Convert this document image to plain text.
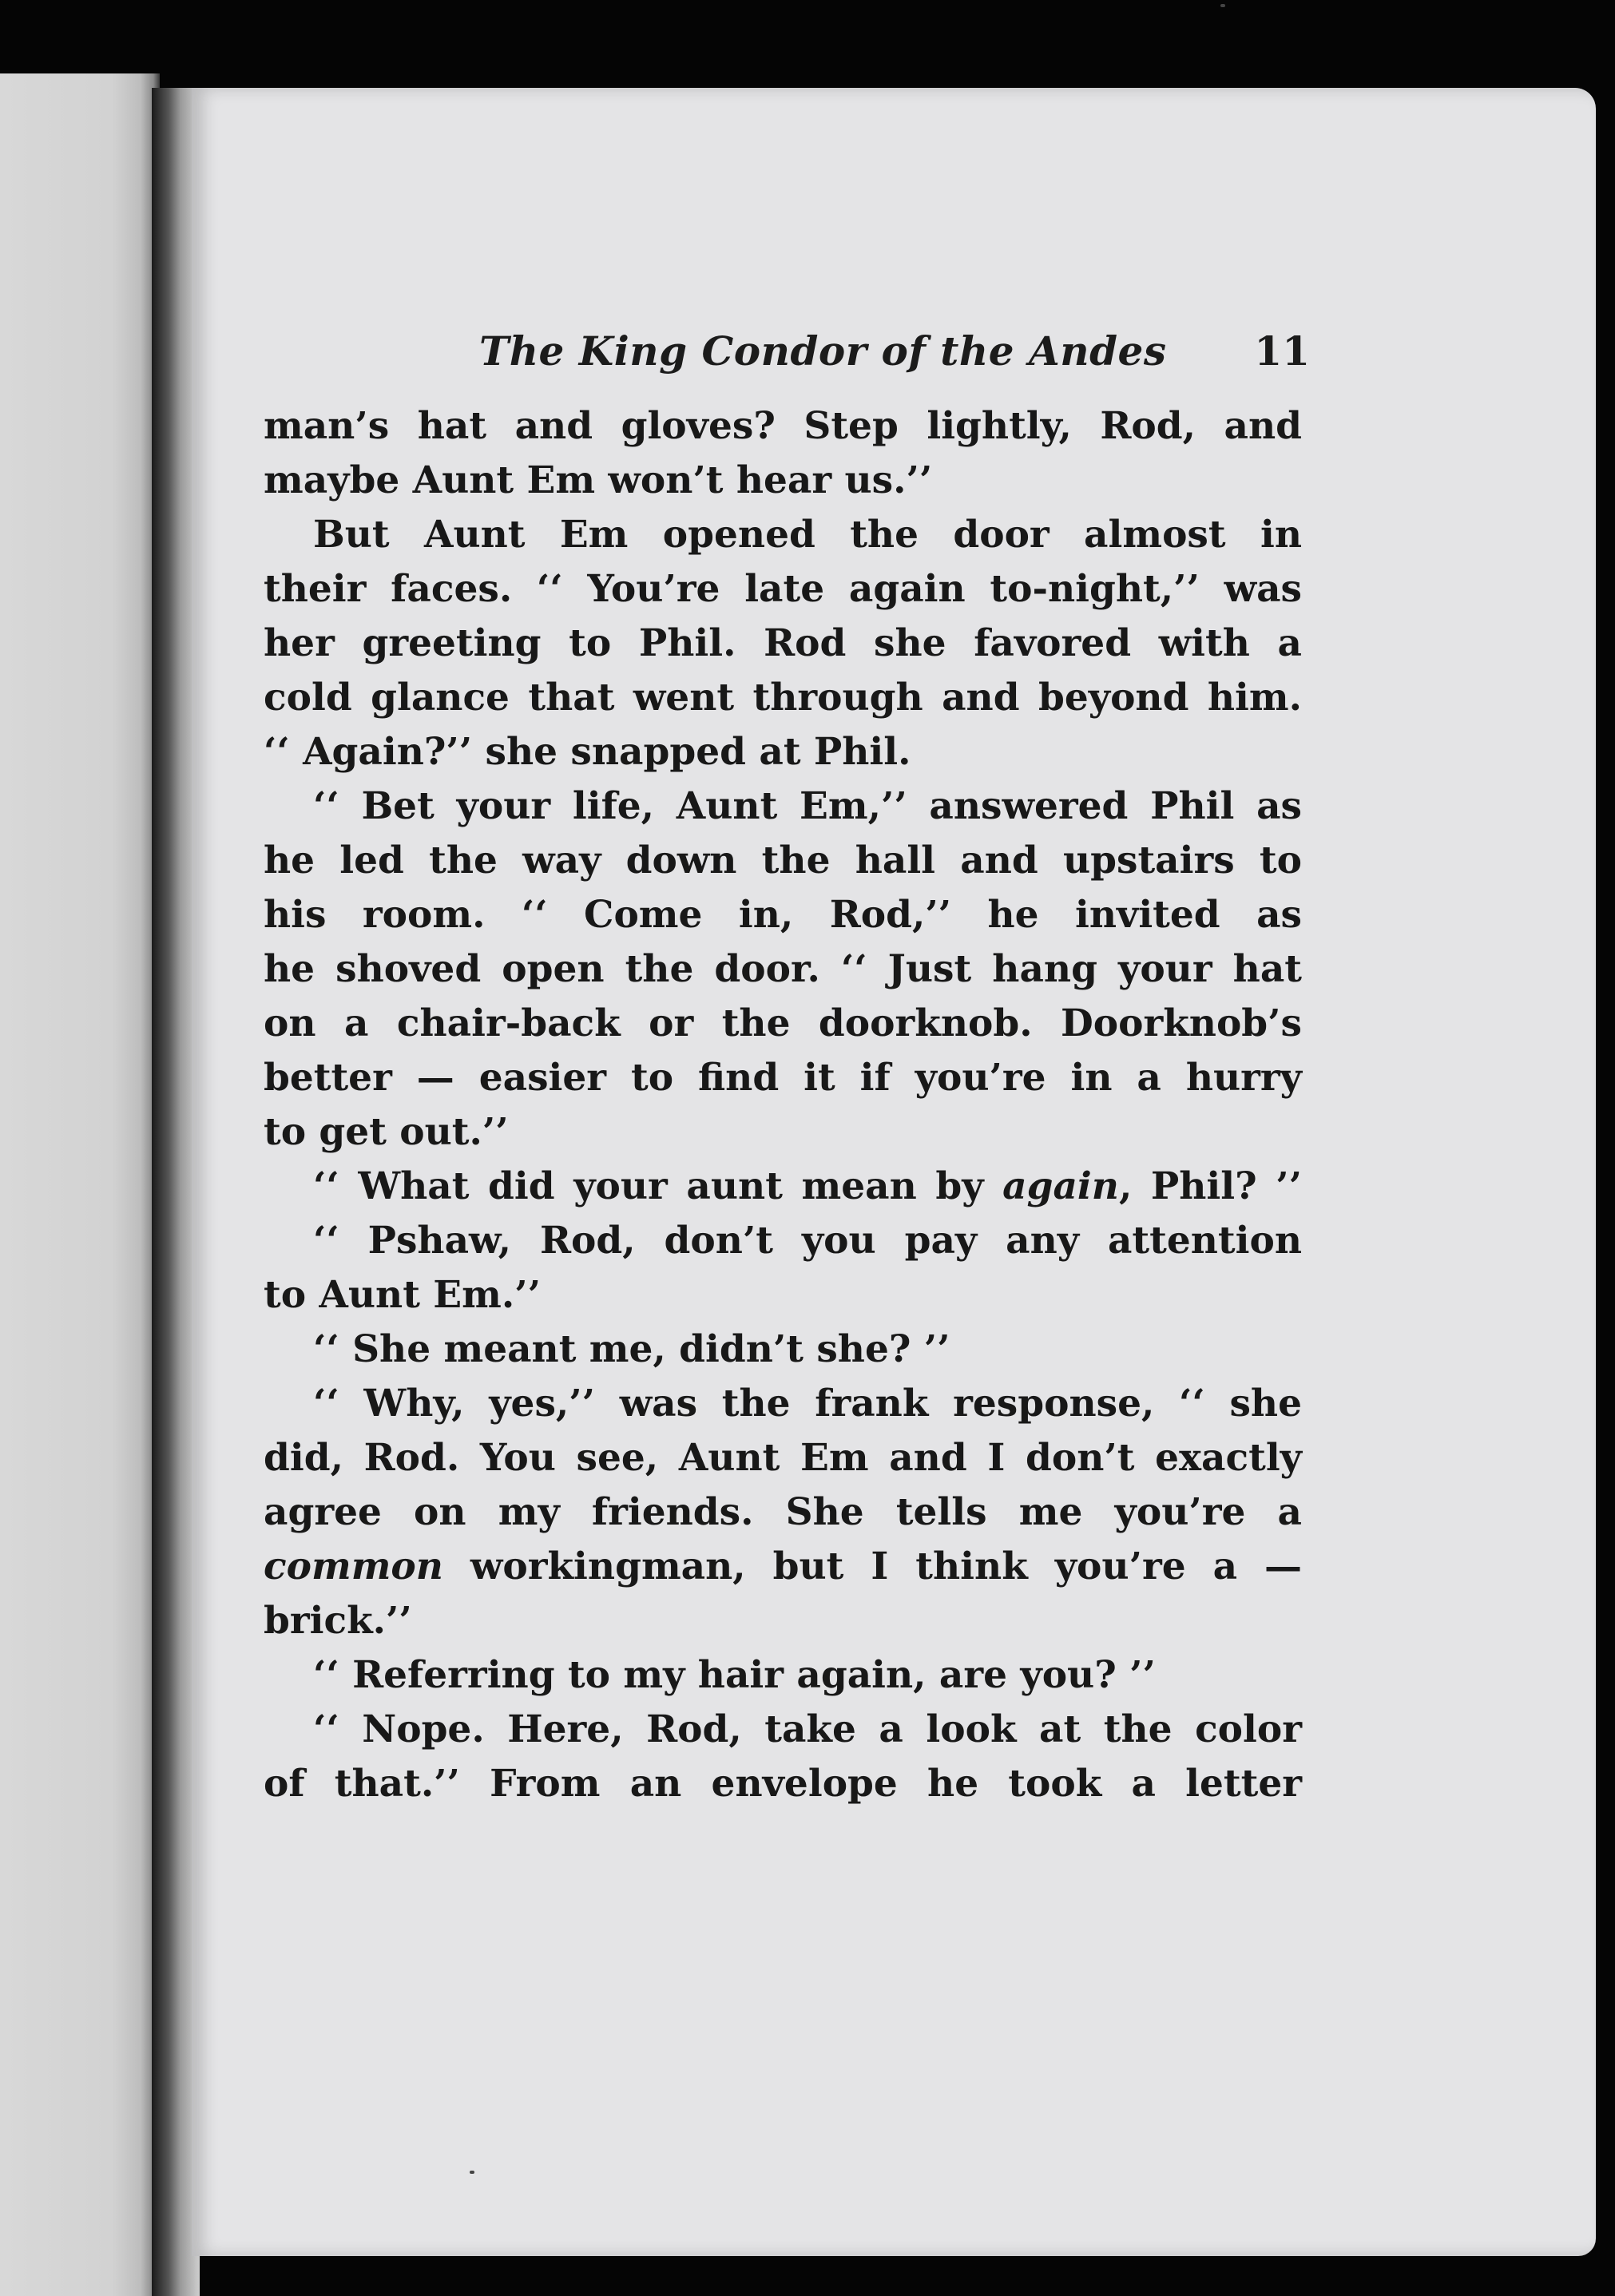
The King Condor of the Andes 11
man’s hat and gloves? Step lightly, Rod, and
maybe Aunt Em won’t hear us.’’
But Aunt Em opened the door almost in
their faces. ‘‘ You’re late again to-night,’’ was
her greeting to Phil. Rod she favored with a
cold glance that went through and beyond him.
‘‘ Again?’’ she snapped at Phil.
‘‘ Bet your life, Aunt Em,’’ answered Phil as
he led the way down the hall and upstairs to
his room. ‘‘ Come in, Rod,’’ he invited as
he shoved open the door. ‘‘ Just hang your hat
on a chair-back or the doorknob. Doorknob’s
better — easier to find it if you’re in a hurry
to get out.’’
‘‘ What did your aunt mean by again, Phil? ’’
‘‘ Pshaw, Rod, don’t you pay any attention
to Aunt Em.’’
‘‘ She meant me, didn’t she? ’’
‘‘ Why, yes,’’ was the frank response, ‘‘ she
did, Rod. You see, Aunt Em and I don’t exactly
agree on my friends. She tells me you’re a
common workingman, but I think you’re a —
brick.’’
‘‘ Referring to my hair again, are you? ’’
‘‘ Nope. Here, Rod, take a look at the color
of that.’’ From an envelope he took a letter
